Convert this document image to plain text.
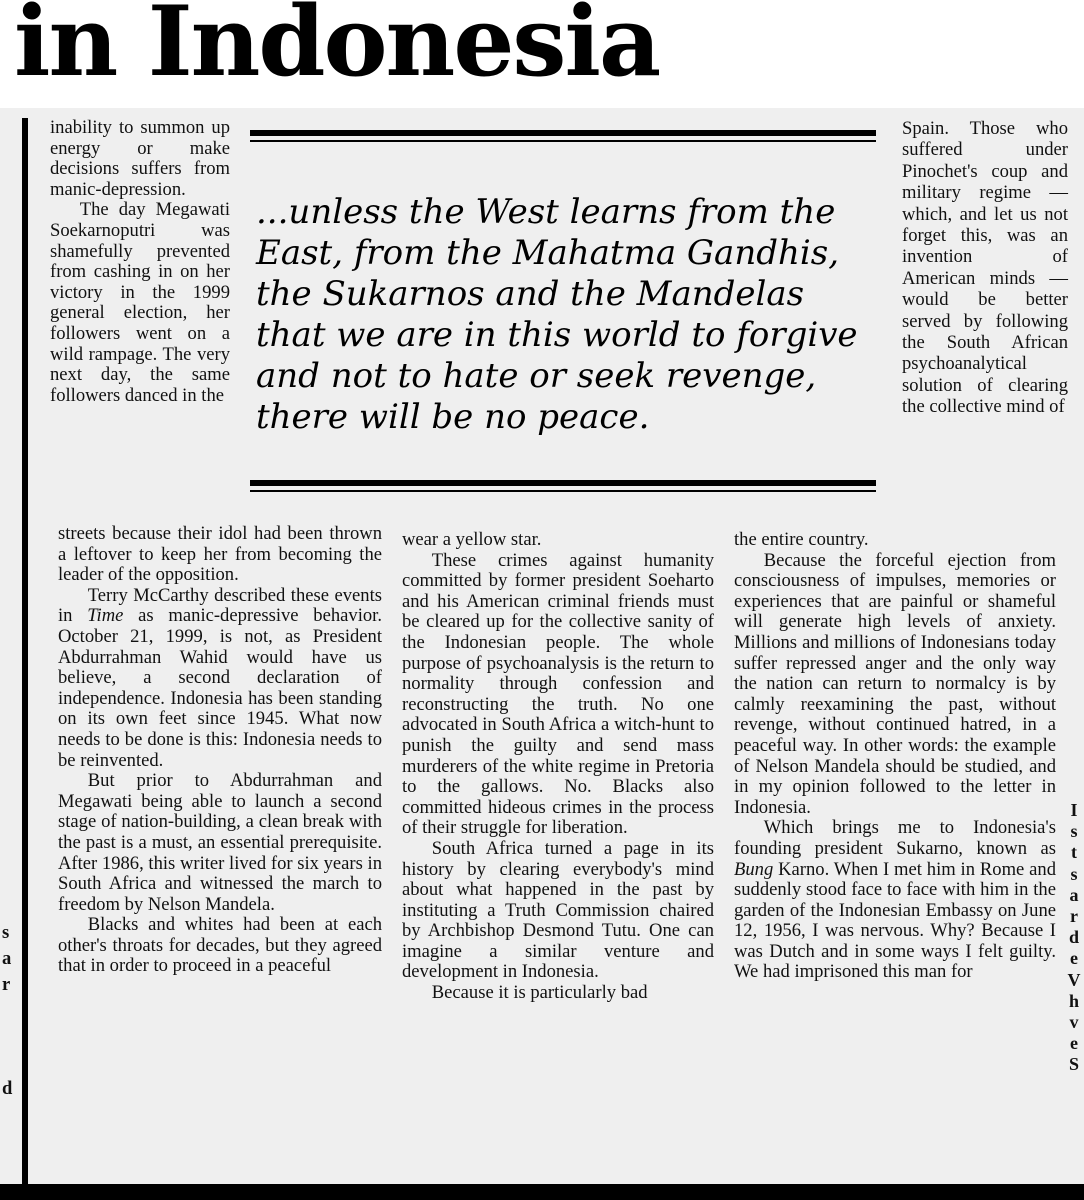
in Indonesia
s
a
r
d

inability to summon up energy or make decisions suffers from manic-depression.

The day Megawati Soekarnoputri was shamefully prevented from cashing in on her victory in the 1999 general election, her followers went on a wild rampage. The very next day, the same followers danced in the

...unless the West learns from the East, from the Mahatma Gandhis, the Sukarnos and the Mandelas that we are in this world to forgive and not to hate or seek revenge, there will be no peace.

Spain. Those who suffered under Pinochet's coup and military regime — which, and let us not forget this, was an invention of American minds — would be better served by following the South African psychoanalytical solution of clearing the collective mind of

streets because their idol had been thrown a leftover to keep her from becoming the leader of the opposition.

Terry McCarthy described these events in Time as manic-depressive behavior. October 21, 1999, is not, as President Abdurrahman Wahid would have us believe, a second declaration of independence. Indonesia has been standing on its own feet since 1945. What now needs to be done is this: Indonesia needs to be reinvented.

But prior to Abdurrahman and Megawati being able to launch a second stage of nation-building, a clean break with the past is a must, an essential prerequisite. After 1986, this writer lived for six years in South Africa and witnessed the march to freedom by Nelson Mandela.

Blacks and whites had been at each other's throats for decades, but they agreed that in order to proceed in a peaceful

wear a yellow star.

These crimes against humanity committed by former president Soeharto and his American criminal friends must be cleared up for the collective sanity of the Indonesian people. The whole purpose of psychoanalysis is the return to normality through confession and reconstructing the truth. No one advocated in South Africa a witch-hunt to punish the guilty and send mass murderers of the white regime in Pretoria to the gallows. No. Blacks also committed hideous crimes in the process of their struggle for liberation.

South Africa turned a page in its history by clearing everybody's mind about what happened in the past by instituting a Truth Commission chaired by Archbishop Desmond Tutu. One can imagine a similar venture and development in Indonesia.

Because it is particularly bad

the entire country.

Because the forceful ejection from consciousness of impulses, memories or experiences that are painful or shameful will generate high levels of anxiety. Millions and millions of Indonesians today suffer repressed anger and the only way the nation can return to normalcy is by calmly reexamining the past, without revenge, without continued hatred, in a peaceful way. In other words: the example of Nelson Mandela should be studied, and in my opinion followed to the letter in Indonesia.

Which brings me to Indonesia's founding president Sukarno, known as Bung Karno. When I met him in Rome and suddenly stood face to face with him in the garden of the Indonesian Embassy on June 12, 1956, I was nervous. Why? Because I was Dutch and in some ways I felt guilty. We had imprisoned this man for

I
s
t
s
a
r
d
e
V
h
v
e
S
